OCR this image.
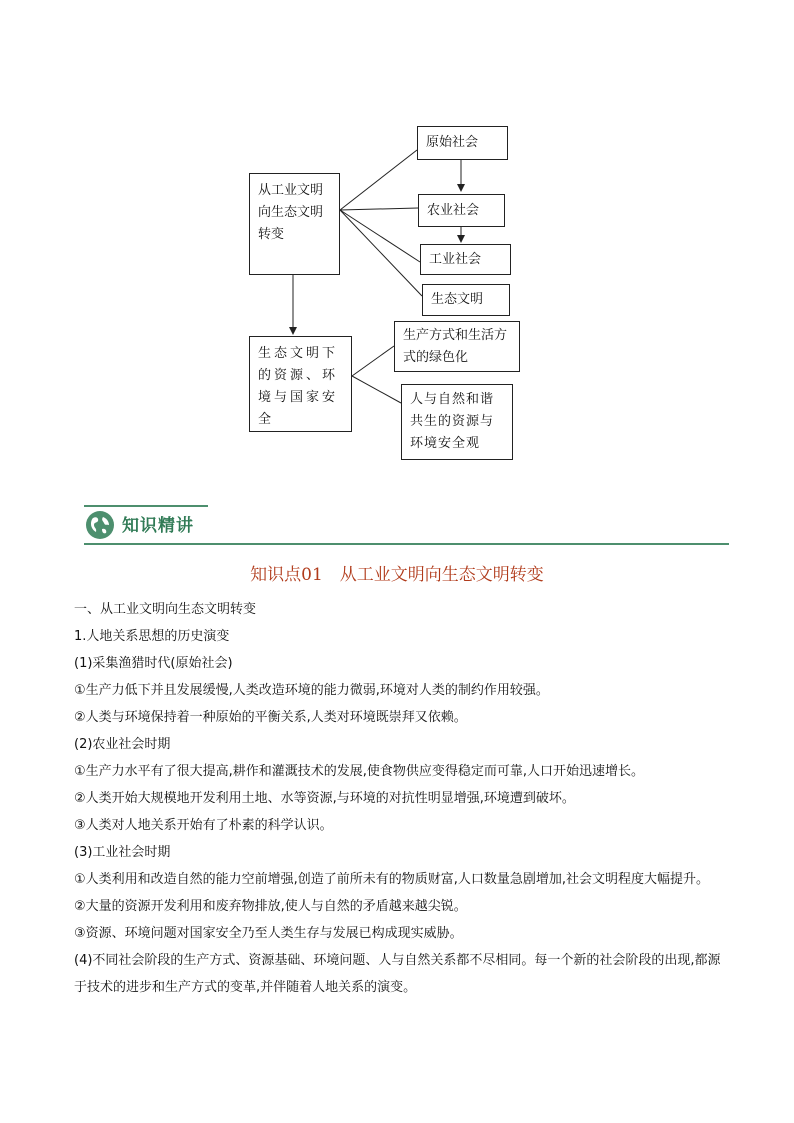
从工业文明向生态文明转变
原始社会
农业社会
工业社会
生态文明
生态文明下的资源、环境与国家安全
生产方式和生活方式的绿色化
人与自然和谐共生的资源与环境安全观
知识精讲
知识点01　从工业文明向生态文明转变

一、从工业文明向生态文明转变

1.人地关系思想的历史演变

(1)采集渔猎时代(原始社会)

①生产力低下并且发展缓慢,人类改造环境的能力微弱,环境对人类的制约作用较强。

②人类与环境保持着一种原始的平衡关系,人类对环境既崇拜又依赖。

(2)农业社会时期

①生产力水平有了很大提高,耕作和灌溉技术的发展,使食物供应变得稳定而可靠,人口开始迅速增长。

②人类开始大规模地开发利用土地、水等资源,与环境的对抗性明显增强,环境遭到破坏。

③人类对人地关系开始有了朴素的科学认识。

(3)工业社会时期

①人类利用和改造自然的能力空前增强,创造了前所未有的物质财富,人口数量急剧增加,社会文明程度大幅提升。

②大量的资源开发利用和废弃物排放,使人与自然的矛盾越来越尖锐。

③资源、环境问题对国家安全乃至人类生存与发展已构成现实威胁。

(4)不同社会阶段的生产方式、资源基础、环境问题、人与自然关系都不尽相同。每一个新的社会阶段的出现,都源于技术的进步和生产方式的变革,并伴随着人地关系的演变。
